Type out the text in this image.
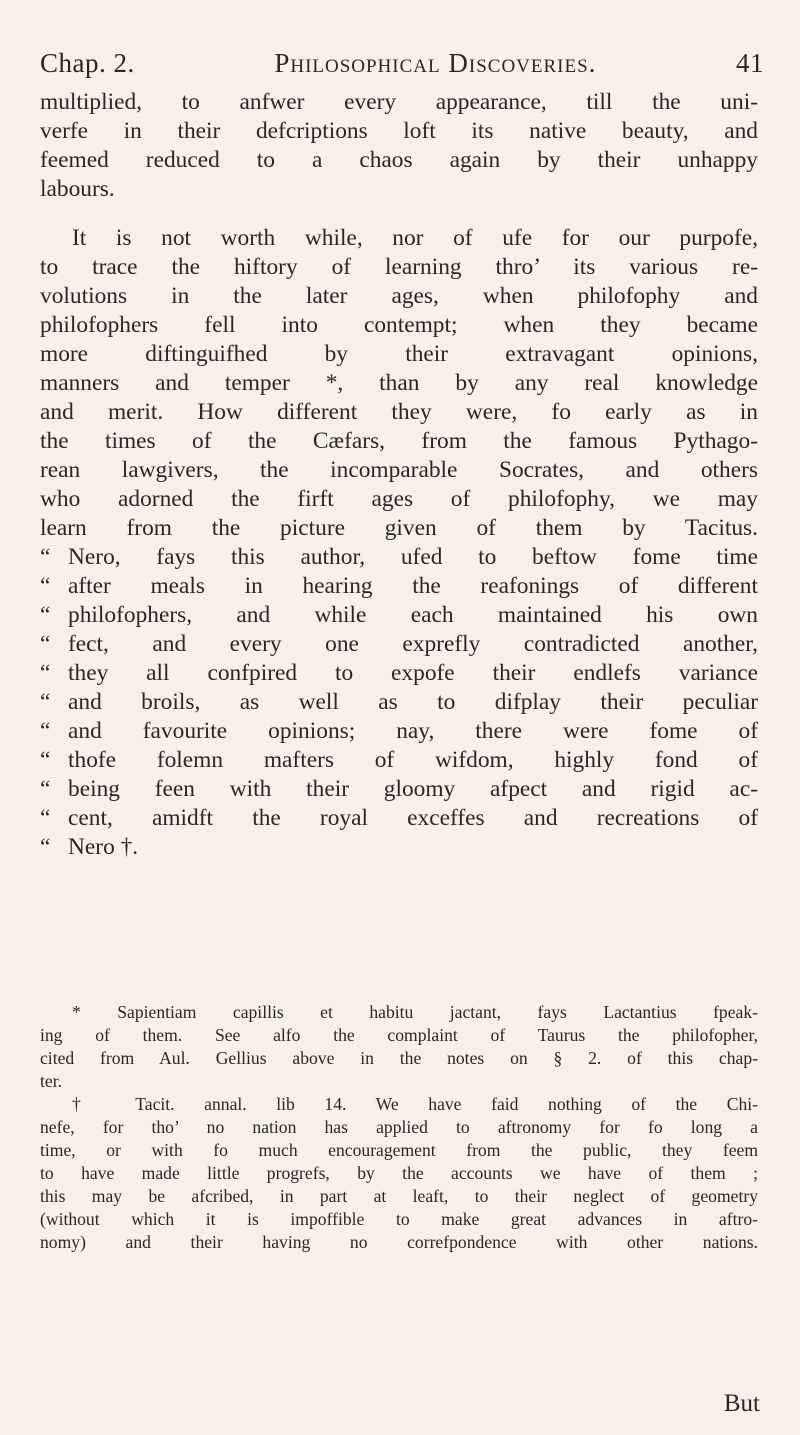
Chap. 2.	Philosophical Discoveries.	41
multiplied, to anfwer every appearance, till the uni-
verfe in their defcriptions loft its native beauty, and
feemed reduced to a chaos again by their unhappy
labours.
It is not worth while, nor of ufe for our purpofe,
to trace the hiftory of learning thro’ its various re-
volutions in the later ages, when philofophy and
philofophers fell into contempt; when they became
more diftinguifhed by their extravagant opinions,
manners and temper *, than by any real knowledge
and merit. How different they were, fo early as in
the times of the Cæfars, from the famous Pythago-
rean lawgivers, the incomparable Socrates, and others
who adorned the firft ages of philofophy, we may
learn from the picture given of them by Tacitus.
“ Nero, fays this author, ufed to beftow fome time
“ after meals in hearing the reafonings of different
“ philofophers, and while each maintained his own
“ fect, and every one exprefly contradicted another,
“ they all confpired to expofe their endlefs variance
“ and broils, as well as to difplay their peculiar
“ and favourite opinions; nay, there were fome of
“ thofe folemn mafters of wifdom, highly fond of
“ being feen with their gloomy afpect and rigid ac-
“ cent, amidft the royal exceffes and recreations of
“ Nero †.
* Sapientiam capillis et habitu jactant, fays Lactantius fpeak-
ing of them. See alfo the complaint of Taurus the philofopher,
cited from Aul. Gellius above in the notes on § 2. of this chap-
ter.
† Tacit. annal. lib 14. We have faid nothing of the Chi-
nefe, for tho’ no nation has applied to aftronomy for fo long a
time, or with fo much encouragement from the public, they feem
to have made little progrefs, by the accounts we have of them ;
this may be afcribed, in part at leaft, to their neglect of geometry
(without which it is impoffible to make great advances in aftro-
nomy) and their having no correfpondence with other nations.
But
